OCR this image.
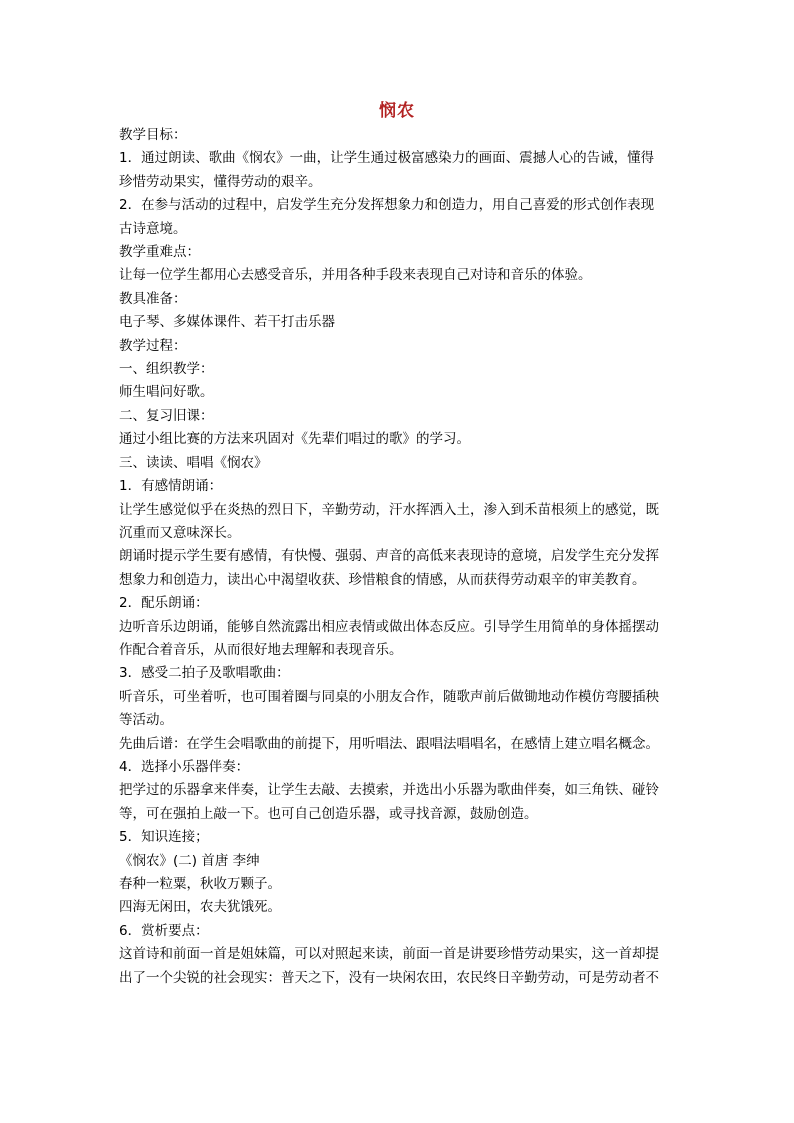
悯农

教学目标：

1．通过朗读、歌曲《悯农》一曲，让学生通过极富感染力的画面、震撼人心的告诫，懂得

珍惜劳动果实，懂得劳动的艰辛。

2．在参与活动的过程中，启发学生充分发挥想象力和创造力，用自己喜爱的形式创作表现

古诗意境。

教学重难点：

让每一位学生都用心去感受音乐，并用各种手段来表现自己对诗和音乐的体验。

教具准备：

电子琴、多媒体课件、若干打击乐器

教学过程：

一、组织教学：

师生唱问好歌。

二、复习旧课：

通过小组比赛的方法来巩固对《先辈们唱过的歌》的学习。

三、读读、唱唱《悯农》

1．有感情朗诵：

让学生感觉似乎在炎热的烈日下，辛勤劳动，汗水挥洒入土，渗入到禾苗根须上的感觉，既

沉重而又意味深长。

朗诵时提示学生要有感情，有快慢、强弱、声音的高低来表现诗的意境，启发学生充分发挥

想象力和创造力，读出心中渴望收获、珍惜粮食的情感，从而获得劳动艰辛的审美教育。

2．配乐朗诵：

边听音乐边朗诵，能够自然流露出相应表情或做出体态反应。引导学生用简单的身体摇摆动

作配合着音乐，从而很好地去理解和表现音乐。

3．感受二拍子及歌唱歌曲：

听音乐，可坐着听，也可围着圈与同桌的小朋友合作，随歌声前后做锄地动作模仿弯腰插秧

等活动。

先曲后谱：在学生会唱歌曲的前提下，用听唱法、跟唱法唱唱名，在感情上建立唱名概念。

4．选择小乐器伴奏：

把学过的乐器拿来伴奏，让学生去敲、去摸索，并选出小乐器为歌曲伴奏，如三角铁、碰铃

等，可在强拍上敲一下。也可自己创造乐器，或寻找音源，鼓励创造。

5．知识连接；

《悯农》(二) 首唐 李绅

春种一粒粟，秋收万颗子。

四海无闲田，农夫犹饿死。

6．赏析要点：

这首诗和前面一首是姐妹篇，可以对照起来读，前面一首是讲要珍惜劳动果实，这一首却提

出了一个尖锐的社会现实：普天之下，没有一块闲农田，农民终日辛勤劳动，可是劳动者不
